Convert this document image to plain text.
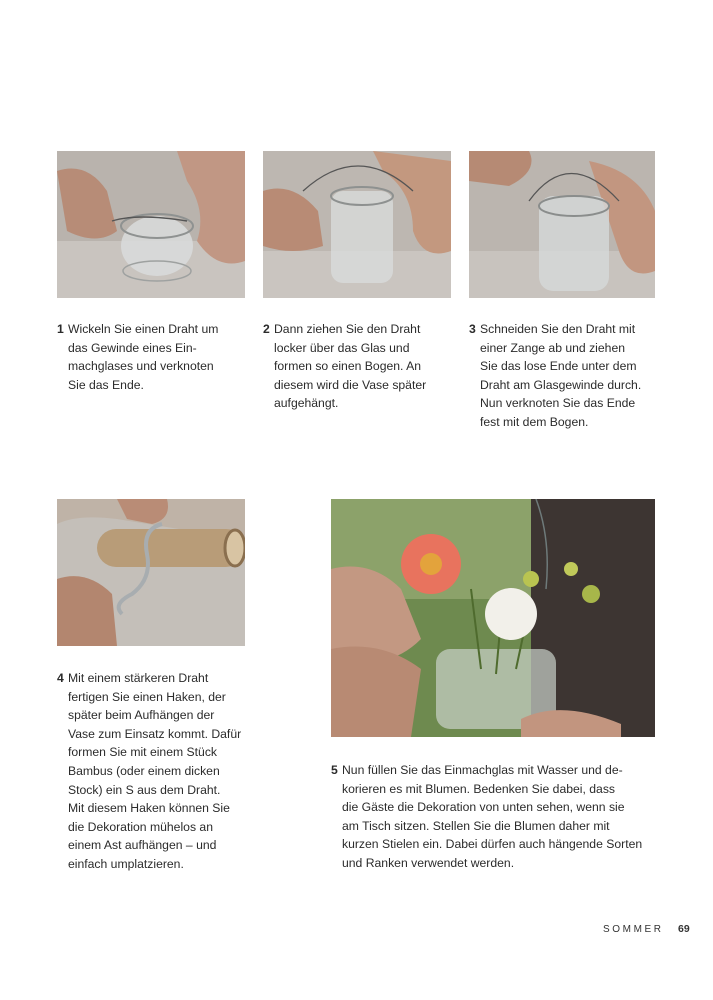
1 Wickeln Sie einen Draht um
das Gewinde eines Ein-
machglases und verknoten
Sie das Ende.
2 Dann ziehen Sie den Draht
locker über das Glas und
formen so einen Bogen. An
diesem wird die Vase später
aufgehängt.
3 Schneiden Sie den Draht mit
einer Zange ab und ziehen
Sie das lose Ende unter dem
Draht am Glasgewinde durch.
Nun verknoten Sie das Ende
fest mit dem Bogen.
4 Mit einem stärkeren Draht
fertigen Sie einen Haken, der
später beim Aufhängen der
Vase zum Einsatz kommt. Dafür
formen Sie mit einem Stück
Bambus (oder einem dicken
Stock) ein S aus dem Draht.
Mit diesem Haken können Sie
die Dekoration mühelos an
einem Ast aufhängen – und
einfach umplatzieren.
5 Nun füllen Sie das Einmachglas mit Wasser und de-
korieren es mit Blumen. Bedenken Sie dabei, dass
die Gäste die Dekoration von unten sehen, wenn sie
am Tisch sitzen. Stellen Sie die Blumen daher mit
kurzen Stielen ein. Dabei dürfen auch hängende Sorten
und Ranken verwendet werden.
SOMMER 69
